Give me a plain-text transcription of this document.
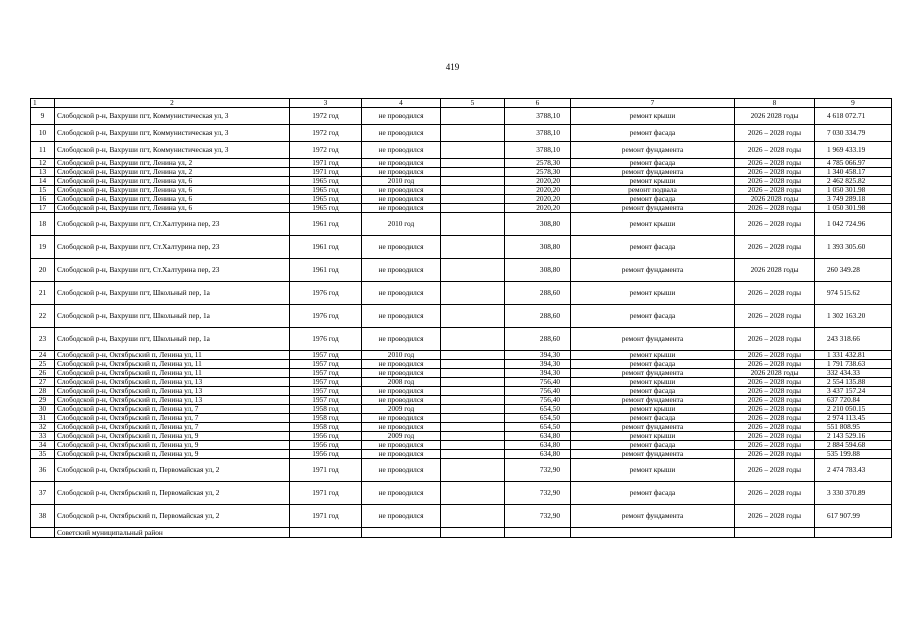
419
1	2	3	4	5	6	7	8	9
9	Слободской р-н, Вахруши пгт, Коммунистическая ул, 3	1972 год	не проводился		3788,10	ремонт крыши	2026 2028 годы	4 618 072.71
10	Слободской р-н, Вахруши пгт, Коммунистическая ул, 3	1972 год	не проводился		3788,10	ремонт фасада	2026 – 2028 годы	7 030 334.79
11	Слободской р-н, Вахруши пгт, Коммунистическая ул, 3	1972 год	не проводился		3788,10	ремонт фундамента	2026 – 2028 годы	1 969 433.19
12	Слободской р-н, Вахруши пгт, Ленина ул, 2	1971 год	не проводился		2578,30	ремонт фасада	2026 – 2028 годы	4 785 066.97
13	Слободской р-н, Вахруши пгт, Ленина ул, 2	1971 год	не проводился		2578,30	ремонт фундамента	2026 – 2028 годы	1 340 458.17
14	Слободской р-н, Вахруши пгт, Ленина ул, 6	1965 год	2010 год		2020,20	ремонт крыши	2026 – 2028 годы	2 462 825.82
15	Слободской р-н, Вахруши пгт, Ленина ул, 6	1965 год	не проводился		2020,20	ремонт подвала	2026 – 2028 годы	1 050 301.98
16	Слободской р-н, Вахруши пгт, Ленина ул, 6	1965 год	не проводился		2020,20	ремонт фасада	2026 2028 годы	3 749 289.18
17	Слободской р-н, Вахруши пгт, Ленина ул, 6	1965 год	не проводился		2020,20	ремонт фундамента	2026 – 2028 годы	1 050 301.98
18	Слободской р-н, Вахруши пгт, Ст.Халтурина пер, 23	1961 год	2010 год		308,80	ремонт крыши	2026 – 2028 годы	1 042 724.96
19	Слободской р-н, Вахруши пгт, Ст.Халтурина пер, 23	1961 год	не проводился		308,80	ремонт фасада	2026 – 2028 годы	1 393 305.60
20	Слободской р-н, Вахруши пгт, Ст.Халтурина пер, 23	1961 год	не проводился		308,80	ремонт фундамента	2026 2028 годы	260 349.28
21	Слободской р-н, Вахруши пгт, Школьный пер, 1а	1976 год	не проводился		288,60	ремонт крыши	2026 – 2028 годы	974 515.62
22	Слободской р-н, Вахруши пгт, Школьный пер, 1а	1976 год	не проводился		288,60	ремонт фасада	2026 – 2028 годы	1 302 163.20
23	Слободской р-н, Вахруши пгт, Школьный пер, 1а	1976 год	не проводился		288,60	ремонт фундамента	2026 – 2028 годы	243 318.66
24	Слободской р-н, Октябрьский п, Ленина ул, 11	1957 год	2010 год		394,30	ремонт крыши	2026 – 2028 годы	1 331 432.81
25	Слободской р-н, Октябрьский п, Ленина ул, 11	1957 год	не проводился		394,30	ремонт фасада	2026 – 2028 годы	1 791 738.63
26	Слободской р-н, Октябрьский п, Ленина ул, 11	1957 год	не проводился		394,30	ремонт фундамента	2026 2028 годы	332 434.33
27	Слободской р-н, Октябрьский п, Ленина ул, 13	1957 год	2008 год		756,40	ремонт крыши	2026 – 2028 годы	2 554 135.88
28	Слободской р-н, Октябрьский п, Ленина ул, 13	1957 год	не проводился		756,40	ремонт фасада	2026 – 2028 годы	3 437 157.24
29	Слободской р-н, Октябрьский п, Ленина ул, 13	1957 год	не проводился		756,40	ремонт фундамента	2026 – 2028 годы	637 720.84
30	Слободской р-н, Октябрьский п, Ленина ул, 7	1958 год	2009 год		654,50	ремонт крыши	2026 – 2028 годы	2 210 050.15
31	Слободской р-н, Октябрьский п, Ленина ул, 7	1958 год	не проводился		654,50	ремонт фасада	2026 – 2028 годы	2 974 113.45
32	Слободской р-н, Октябрьский п, Ленина ул, 7	1958 год	не проводился		654,50	ремонт фундамента	2026 – 2028 годы	551 808.95
33	Слободской р-н, Октябрьский п, Ленина ул, 9	1956 год	2009 год		634,80	ремонт крыши	2026 – 2028 годы	2 143 529.16
34	Слободской р-н, Октябрьский п, Ленина ул, 9	1956 год	не проводился		634,80	ремонт фасада	2026 – 2028 годы	2 884 594.68
35	Слободской р-н, Октябрьский п, Ленина ул, 9	1956 год	не проводился		634,80	ремонт фундамента	2026 – 2028 годы	535 199.88
36	Слободской р-н, Октябрьский п, Первомайская ул, 2	1971 год	не проводился		732,90	ремонт крыши	2026 – 2028 годы	2 474 783.43
37	Слободской р-н, Октябрьский п, Первомайская ул, 2	1971 год	не проводился		732,90	ремонт фасада	2026 – 2028 годы	3 330 370.89
38	Слободской р-н, Октябрьский п, Первомайская ул, 2	1971 год	не проводился		732,90	ремонт фундамента	2026 – 2028 годы	617 907.99
	Советский муниципальный район							
